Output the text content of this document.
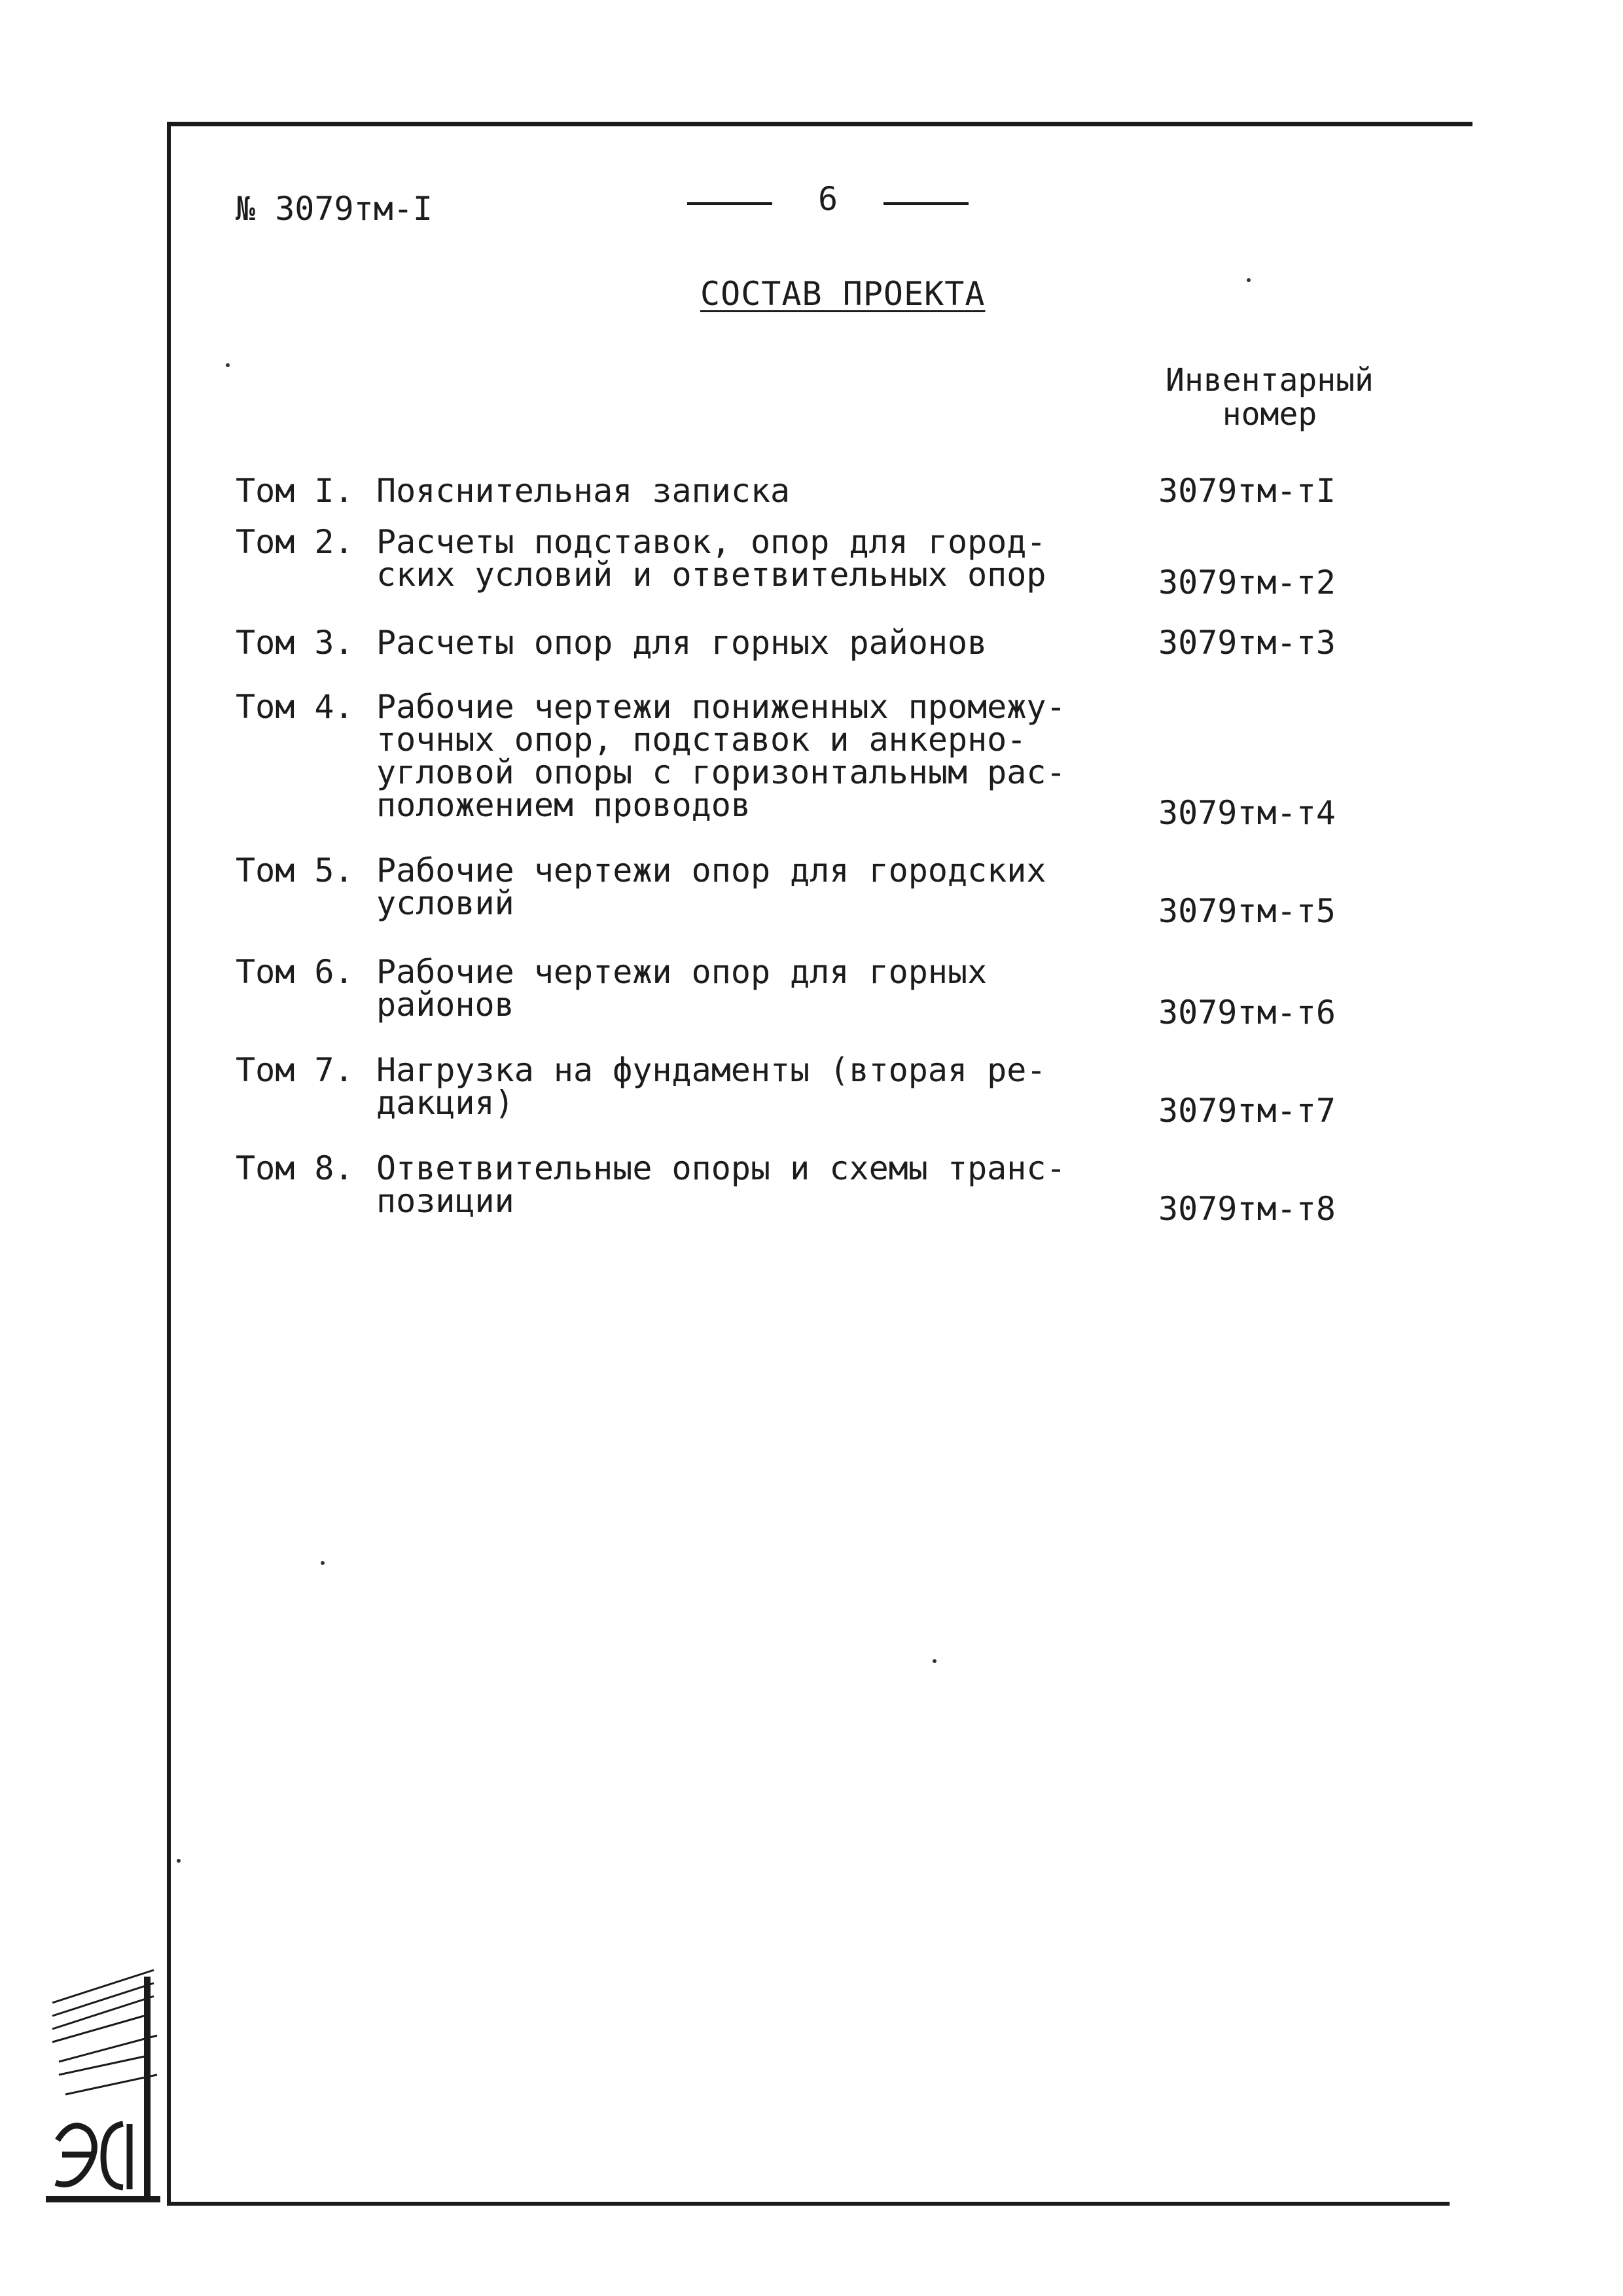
№ 3079тм-I	6
СОСТАВ ПРОЕКТА
Инвентарный
номер
Том I. Пояснительная записка	3079тм-тI
Том 2. Расчеты подставок, опор для город-
ских условий и ответвительных опор	3079тм-т2
Том 3. Расчеты опор для горных районов	3079тм-т3
Том 4. Рабочие чертежи пониженных промежу-
точных опор, подставок и анкерно-
угловой опоры с горизонтальным рас-
положением проводов	3079тм-т4
Том 5. Рабочие чертежи опор для городских
условий	3079тм-т5
Том 6. Рабочие чертежи опор для горных
районов	3079тм-т6
Том 7. Нагрузка на фундаменты (вторая ре-
дакция)	3079тм-т7
Том 8. Ответвительные опоры и схемы транс-
позиции	3079тм-т8
